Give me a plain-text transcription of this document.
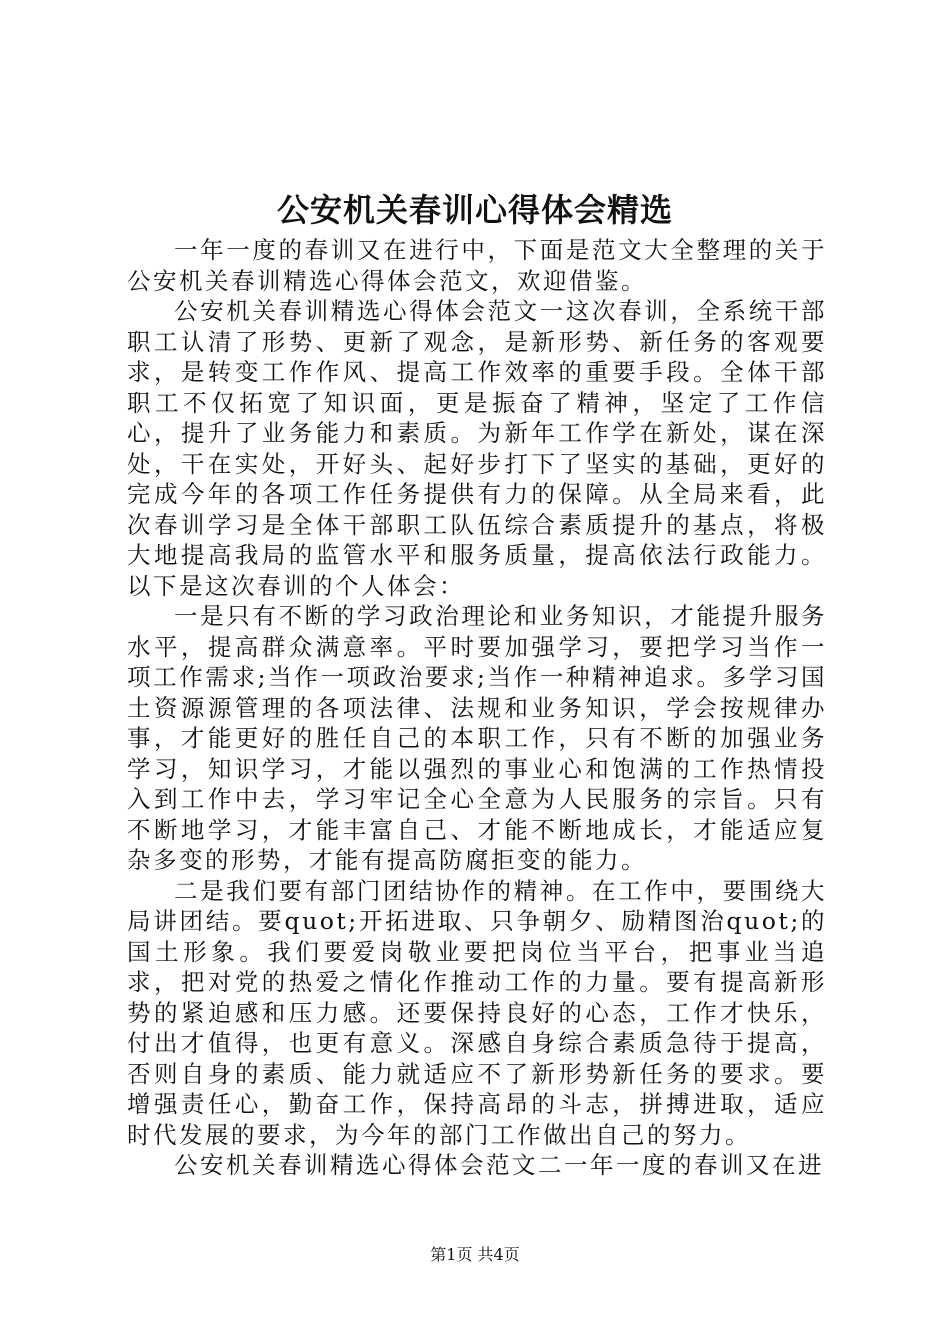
公安机关春训心得体会精选

一年一度的春训又在进行中，下面是范文大全整理的关于公安机关春训精选心得体会范文，欢迎借鉴。

公安机关春训精选心得体会范文一这次春训，全系统干部职工认清了形势、更新了观念，是新形势、新任务的客观要求，是转变工作作风、提高工作效率的重要手段。全体干部职工不仅拓宽了知识面，更是振奋了精神，坚定了工作信心，提升了业务能力和素质。为新年工作学在新处，谋在深处，干在实处，开好头、起好步打下了坚实的基础，更好的完成今年的各项工作任务提供有力的保障。从全局来看，此次春训学习是全体干部职工队伍综合素质提升的基点，将极大地提高我局的监管水平和服务质量，提高依法行政能力。以下是这次春训的个人体会：

一是只有不断的学习政治理论和业务知识，才能提升服务水平，提高群众满意率。平时要加强学习，要把学习当作一项工作需求;当作一项政治要求;当作一种精神追求。多学习国土资源源管理的各项法律、法规和业务知识，学会按规律办事，才能更好的胜任自己的本职工作，只有不断的加强业务学习，知识学习，才能以强烈的事业心和饱满的工作热情投入到工作中去，学习牢记全心全意为人民服务的宗旨。只有不断地学习，才能丰富自己、才能不断地成长，才能适应复杂多变的形势，才能有提高防腐拒变的能力。

二是我们要有部门团结协作的精神。在工作中，要围绕大局讲团结。要quot;开拓进取、只争朝夕、励精图治quot;的国土形象。我们要爱岗敬业要把岗位当平台，把事业当追求，把对党的热爱之情化作推动工作的力量。要有提高新形势的紧迫感和压力感。还要保持良好的心态，工作才快乐，付出才值得，也更有意义。深感自身综合素质急待于提高，否则自身的素质、能力就适应不了新形势新任务的要求。要增强责任心，勤奋工作，保持高昂的斗志，拼搏进取，适应时代发展的要求，为今年的部门工作做出自己的努力。

公安机关春训精选心得体会范文二一年一度的春训又在进

第1页 共4页
